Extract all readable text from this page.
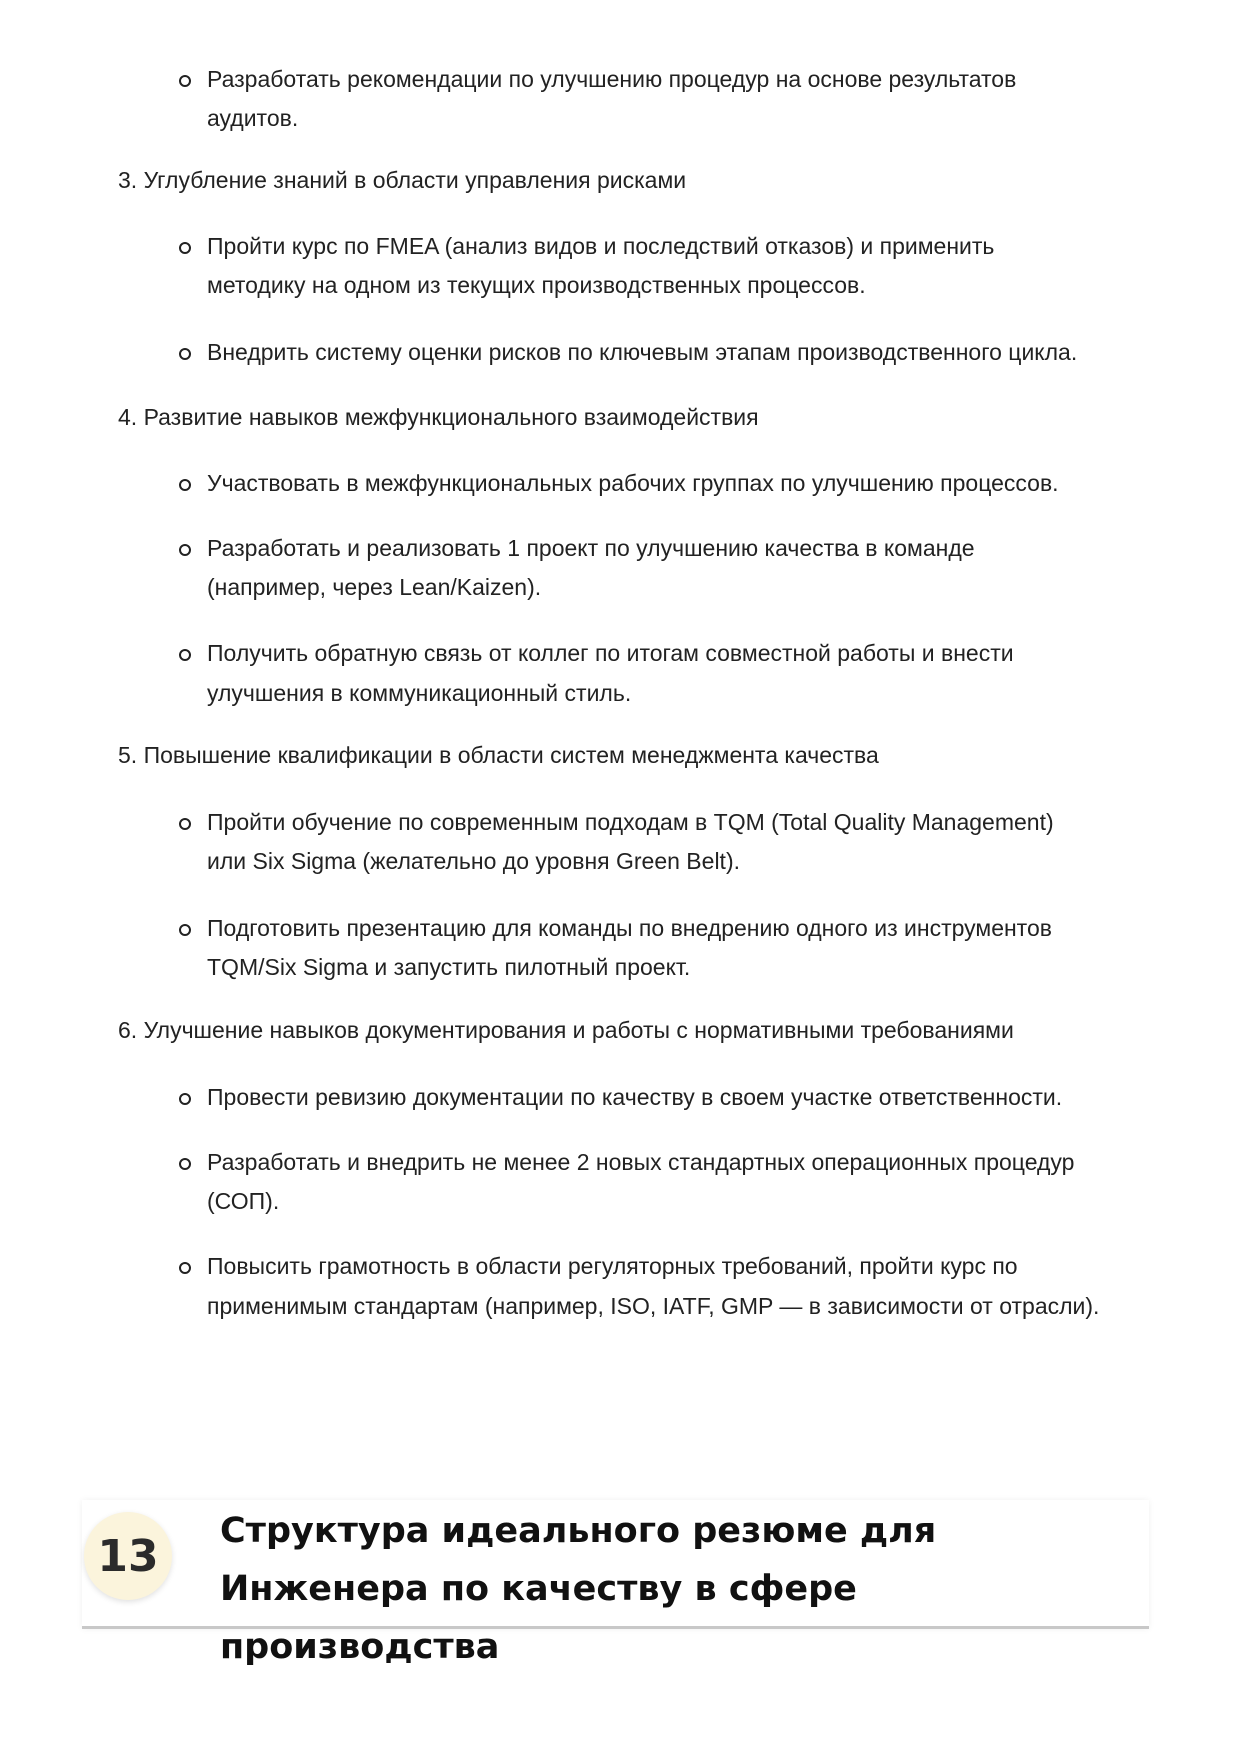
Разработать рекомендации по улучшению процедур на основе результатов
аудитов.
3. Углубление знаний в области управления рисками
Пройти курс по FMEA (анализ видов и последствий отказов) и применить
методику на одном из текущих производственных процессов.
Внедрить систему оценки рисков по ключевым этапам производственного цикла.
4. Развитие навыков межфункционального взаимодействия
Участвовать в межфункциональных рабочих группах по улучшению процессов.
Разработать и реализовать 1 проект по улучшению качества в команде
(например, через Lean/Kaizen).
Получить обратную связь от коллег по итогам совместной работы и внести
улучшения в коммуникационный стиль.
5. Повышение квалификации в области систем менеджмента качества
Пройти обучение по современным подходам в TQM (Total Quality Management)
или Six Sigma (желательно до уровня Green Belt).
Подготовить презентацию для команды по внедрению одного из инструментов
TQM/Six Sigma и запустить пилотный проект.
6. Улучшение навыков документирования и работы с нормативными требованиями
Провести ревизию документации по качеству в своем участке ответственности.
Разработать и внедрить не менее 2 новых стандартных операционных процедур
(СОП).
Повысить грамотность в области регуляторных требований, пройти курс по
применимым стандартам (например, ISO, IATF, GMP — в зависимости от отрасли).
13	Структура идеального резюме для Инженера по качеству в сфере производства
